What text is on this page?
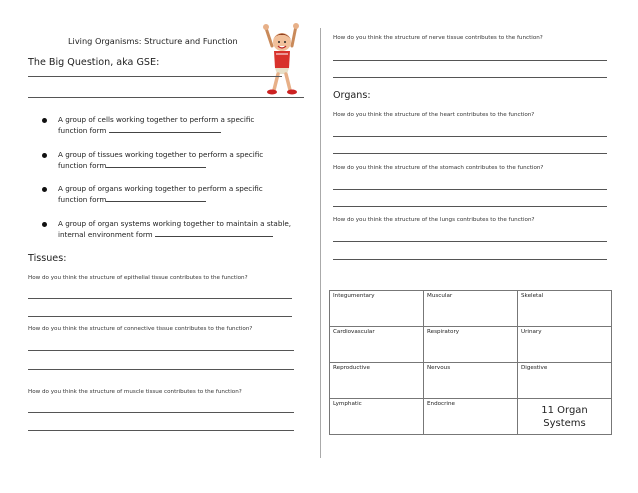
Living Organisms: Structure and Function
The Big Question, aka GSE:
A group of cells working together to perform a specific
function form
A group of tissues working together to perform a specific
function form
A group of organs working together to perform a specific
function form
A group of organ systems working together to maintain a stable,
internal environment form
Tissues:
How do you think the structure of epithelial tissue contributes to the function?
How do you think the structure of connective tissue contributes to the function?
How do you think the structure of muscle tissue contributes to the function?
How do you think the structure of nerve tissue contributes to the function?
Organs:
How do you think the structure of the heart contributes to the function?
How do you think the structure of the stomach contributes to the function?
How do you think the structure of the lungs contributes to the function?
Integumentary	Muscular	Skeletal
Cardiovascular	Respiratory	Urinary
Reproductive	Nervous	Digestive
Lymphatic	Endocrine	11 Organ
Systems
